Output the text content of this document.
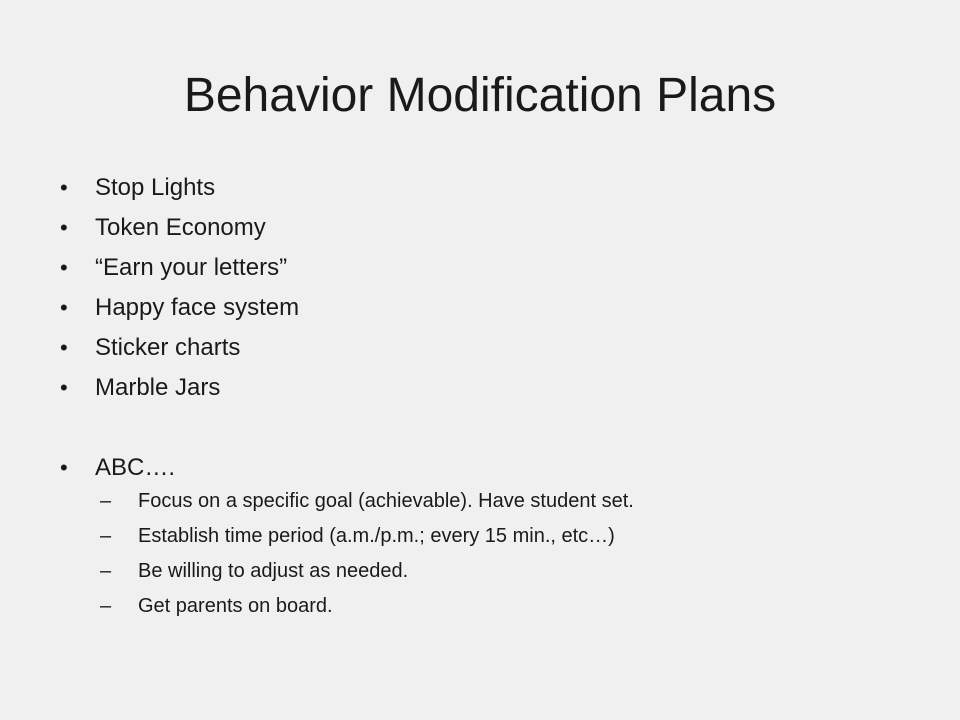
Behavior Modification Plans
•	Stop Lights
•	Token Economy
•	“Earn your letters”
•	Happy face system
•	Sticker charts
•	Marble Jars
•	ABC….
–	Focus on a specific goal (achievable). Have student set.
–	Establish time period (a.m./p.m.; every 15 min., etc…)
–	Be willing to adjust as needed.
–	Get parents on board.
